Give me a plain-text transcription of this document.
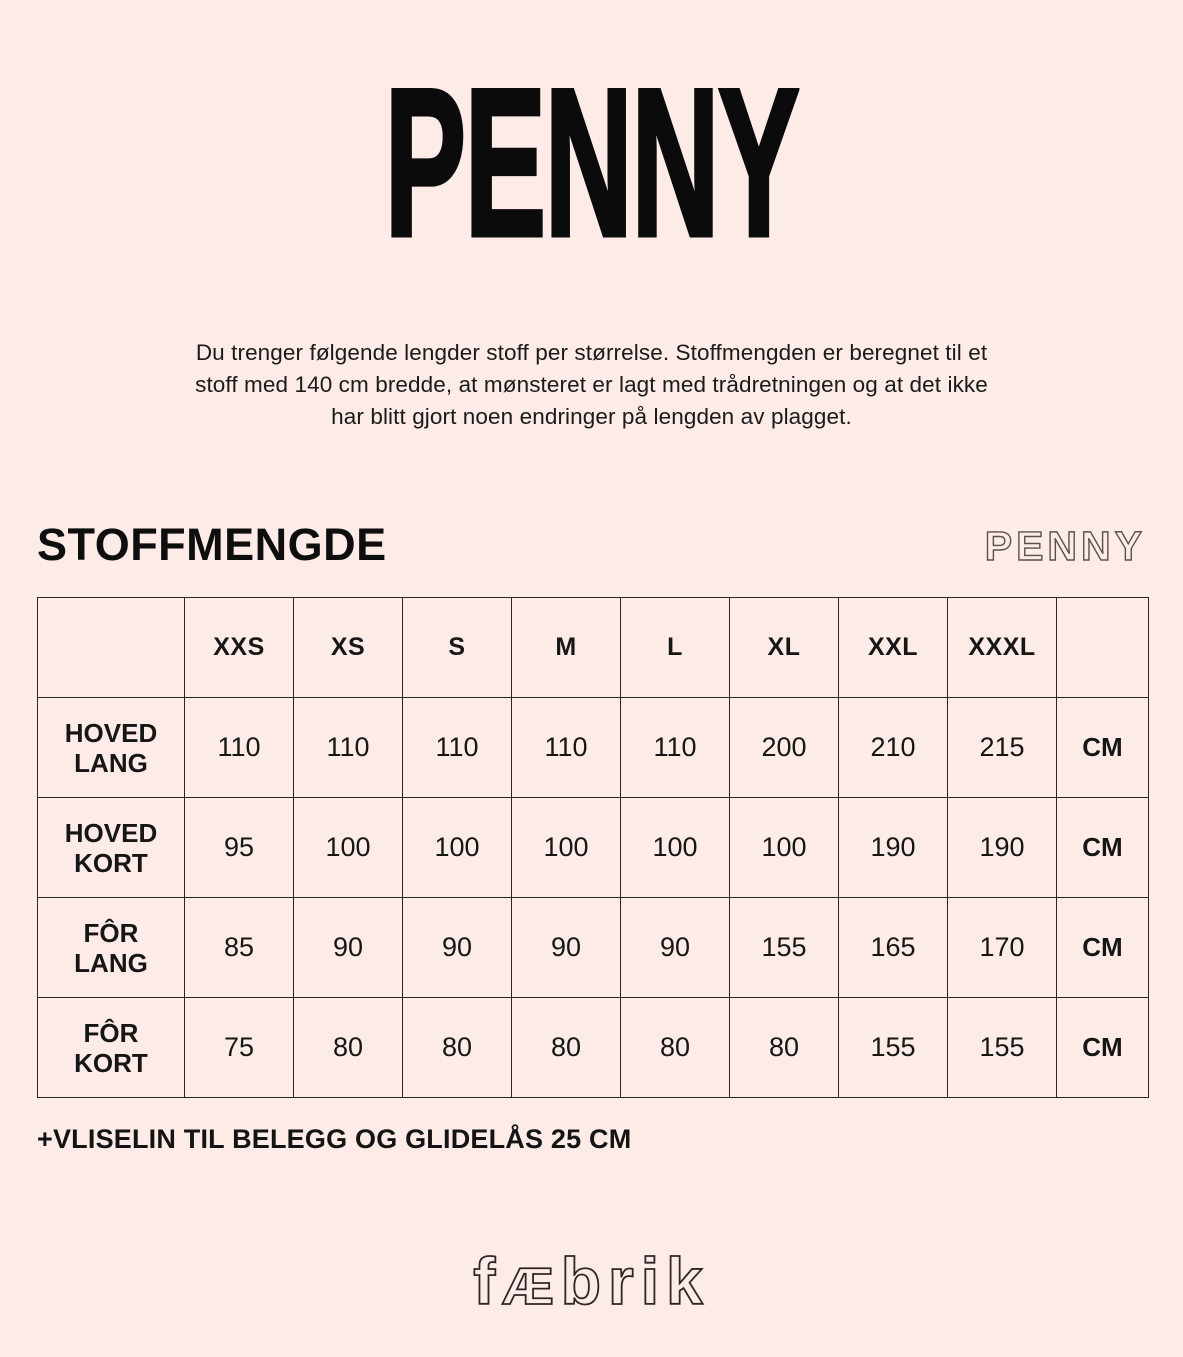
PENNY
Du trenger følgende lengder stoff per størrelse. Stoffmengden er beregnet til et
stoff med 140 cm bredde, at mønsteret er lagt med trådretningen og at det ikke
har blitt gjort noen endringer på lengden av plagget.
STOFFMENGDE	PENNY
	XXS	XS	S	M	L	XL	XXL	XXXL	
HOVED LANG	110	110	110	110	110	200	210	215	CM
HOVED KORT	95	100	100	100	100	100	190	190	CM
FÔR LANG	85	90	90	90	90	155	165	170	CM
FÔR KORT	75	80	80	80	80	80	155	155	CM
+VLISELIN TIL BELEGG OG GLIDELÅS 25 CM
fÆbrik
